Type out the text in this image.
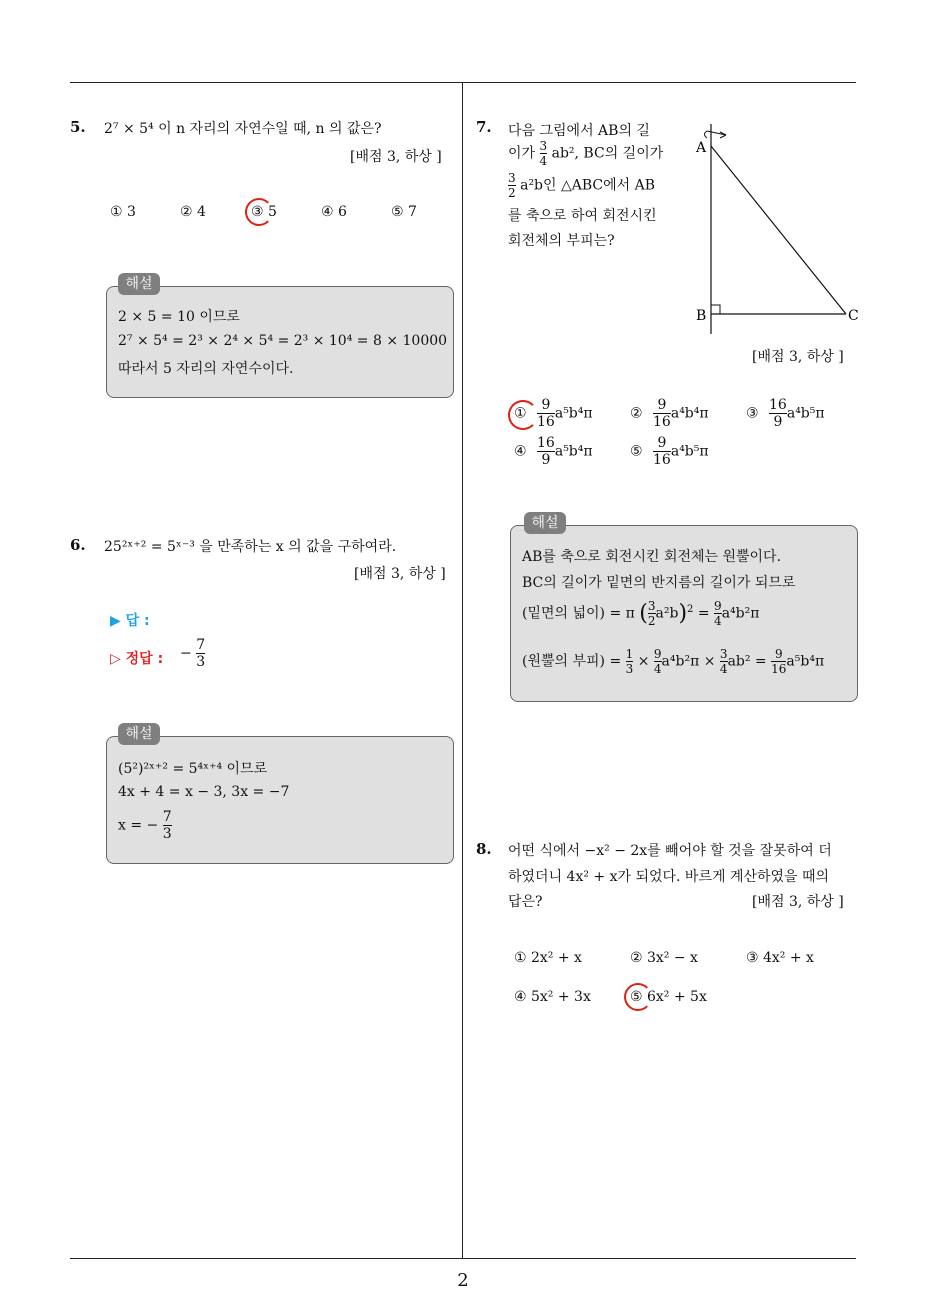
2
5. 2⁷ × 5⁴ 이 n 자리의 자연수일 때, n 의 값은?
[배점 3, 하상 ]
① 3	② 4	③ 5	④ 6	⑤ 7
해설
2 × 5 = 10 이므로
2⁷ × 5⁴ = 2³ × 2⁴ × 5⁴ = 2³ × 10⁴ = 8 × 10000
따라서 5 자리의 자연수이다.
6. 25²ˣ⁺² = 5ˣ⁻³ 을 만족하는 x 의 값을 구하여라.
[배점 3, 하상 ]
▶ 답 :
▷ 정답 : − $\frac{7}{3}$
해설
(5²)²ˣ⁺² = 5⁴ˣ⁺⁴ 이므로
4x + 4 = x − 3, 3x = −7
x = − $\frac{7}{3}$
7. 다음 그림에서 AB의 길
이가 $\frac{3}{4} ab^2$, BC의 길이가
$\frac{3}{2} a^2b$인 △ABC에서 AB
를 축으로 하여 회전시킨
회전체의 부피는?
A
B	C
[배점 3, 하상 ]
① $\frac{9}{16} a^5b^4\pi$	② $\frac{9}{16} a^4b^4\pi$	③ $\frac{16}{9} a^4b^5\pi$
④ $\frac{16}{9} a^5b^4\pi$	⑤ $\frac{9}{16} a^4b^5\pi$
해설
AB를 축으로 회전시킨 회전체는 원뿔이다.
BC의 길이가 밑면의 반지름의 길이가 되므로
(밑면의 넓이) = π ( $\frac{3}{2} a^2b)^2 = \frac{9}{4} a^4b^2\pi$
(원뿔의 부피) = $\frac{1}{3} \times \frac{9}{4} a^4b^2\pi \times \frac{3}{4} ab^2 = \frac{9}{16} a^5b^4\pi$
8. 어떤 식에서 −x² − 2x를 빼어야 할 것을 잘못하여 더
하였더니 4x² + x가 되었다. 바르게 계산하였을 때의
답은?	[배점 3, 하상 ]
① 2x² + x	② 3x² − x	③ 4x² + x
④ 5x² + 3x	⑤ 6x² + 5x
